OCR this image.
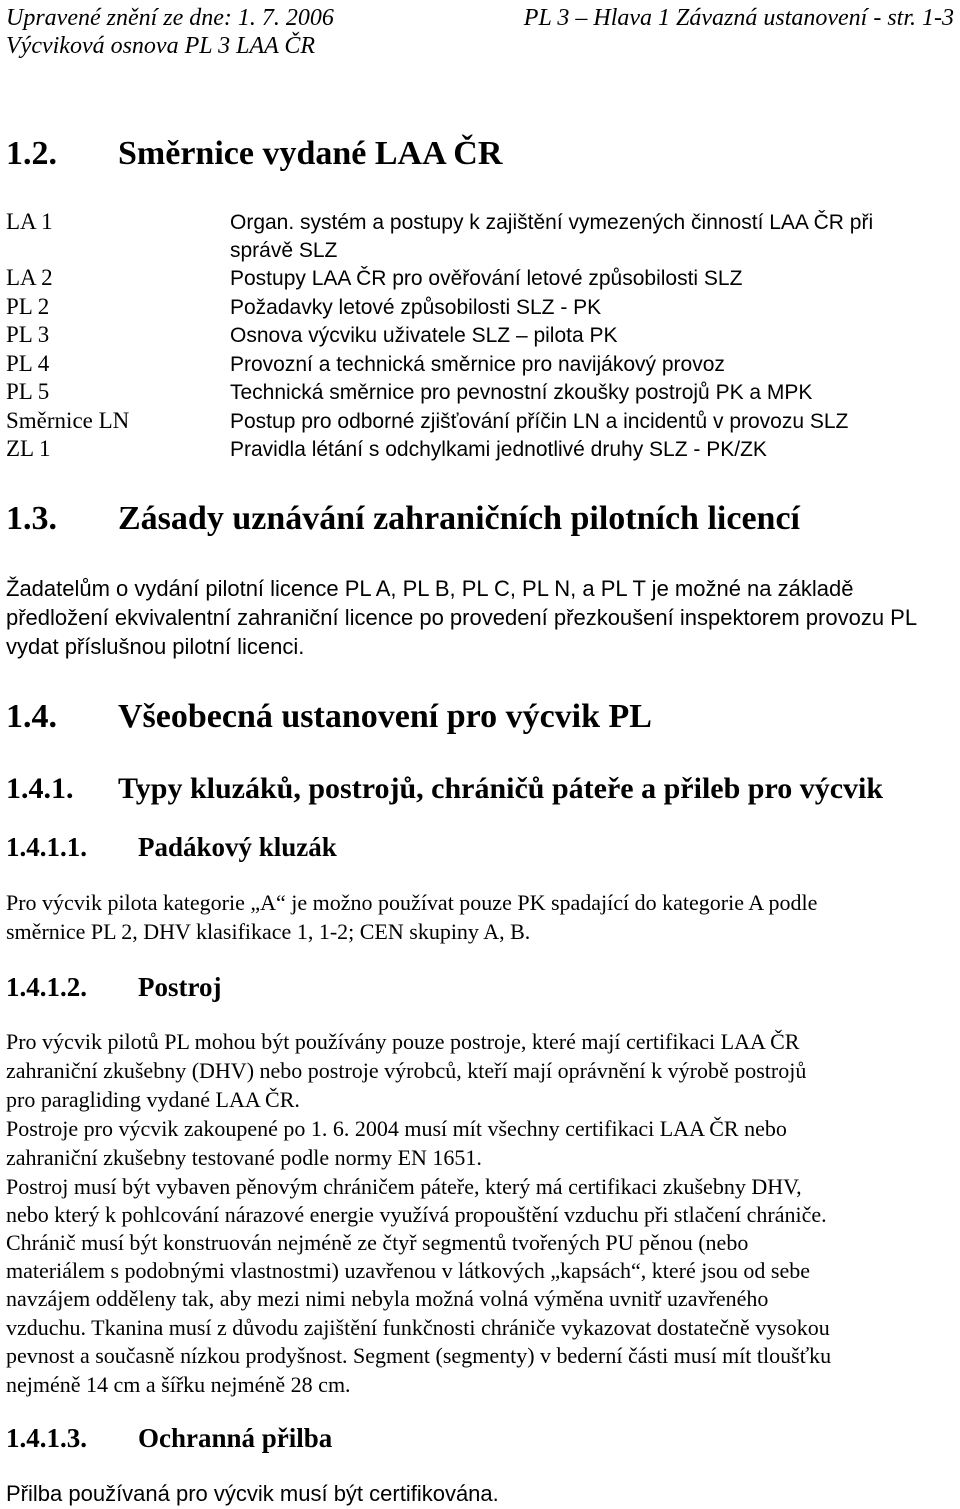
Upravené znění ze dne: 1. 7. 2006	PL 3 – Hlava 1 Závazná ustanovení - str. 1-3
Výcviková osnova PL 3 LAA ČR
1.2. Směrnice vydané LAA ČR
LA 1	Organ. systém a postupy k zajištění vymezených činností LAA ČR při
správě SLZ
LA 2	Postupy LAA ČR pro ověřování letové způsobilosti SLZ
PL 2	Požadavky letové způsobilosti SLZ - PK
PL 3	Osnova výcviku uživatele SLZ – pilota PK
PL 4	Provozní a technická směrnice pro navijákový provoz
PL 5	Technická směrnice pro pevnostní zkoušky postrojů PK a MPK
Směrnice LN	Postup pro odborné zjišťování příčin LN a incidentů v provozu SLZ
ZL 1	Pravidla létání s odchylkami jednotlivé druhy SLZ - PK/ZK
1.3. Zásady uznávání zahraničních pilotních licencí
Žadatelům o vydání pilotní licence PL A, PL B, PL C, PL N, a PL T je možné na základě
předložení ekvivalentní zahraniční licence po provedení přezkoušení inspektorem provozu PL
vydat příslušnou pilotní licenci.
1.4. Všeobecná ustanovení pro výcvik PL
1.4.1. Typy kluzáků, postrojů, chráničů páteře a přileb pro výcvik
1.4.1.1. Padákový kluzák
Pro výcvik pilota kategorie „A“ je možno používat pouze PK spadající do kategorie A podle
směrnice PL 2, DHV klasifikace 1, 1-2; CEN skupiny A, B.
1.4.1.2. Postroj
Pro výcvik pilotů PL mohou být používány pouze postroje, které mají certifikaci LAA ČR
zahraniční zkušebny (DHV) nebo postroje výrobců, kteří mají oprávnění k výrobě postrojů
pro paragliding vydané LAA ČR.
Postroje pro výcvik zakoupené po 1. 6. 2004 musí mít všechny certifikaci LAA ČR nebo
zahraniční zkušebny testované podle normy EN 1651.
Postroj musí být vybaven pěnovým chráničem páteře, který má certifikaci zkušebny DHV,
nebo který k pohlcování nárazové energie využívá propouštění vzduchu při stlačení chrániče.
Chránič musí být konstruován nejméně ze čtyř segmentů tvořených PU pěnou (nebo
materiálem s podobnými vlastnostmi) uzavřenou v látkových „kapsách“, které jsou od sebe
navzájem odděleny tak, aby mezi nimi nebyla možná volná výměna uvnitř uzavřeného
vzduchu. Tkanina musí z důvodu zajištění funkčnosti chrániče vykazovat dostatečně vysokou
pevnost a současně nízkou prodyšnost. Segment (segmenty) v bederní části musí mít tloušťku
nejméně 14 cm a šířku nejméně 28 cm.
1.4.1.3. Ochranná přilba
Přilba používaná pro výcvik musí být certifikována.
